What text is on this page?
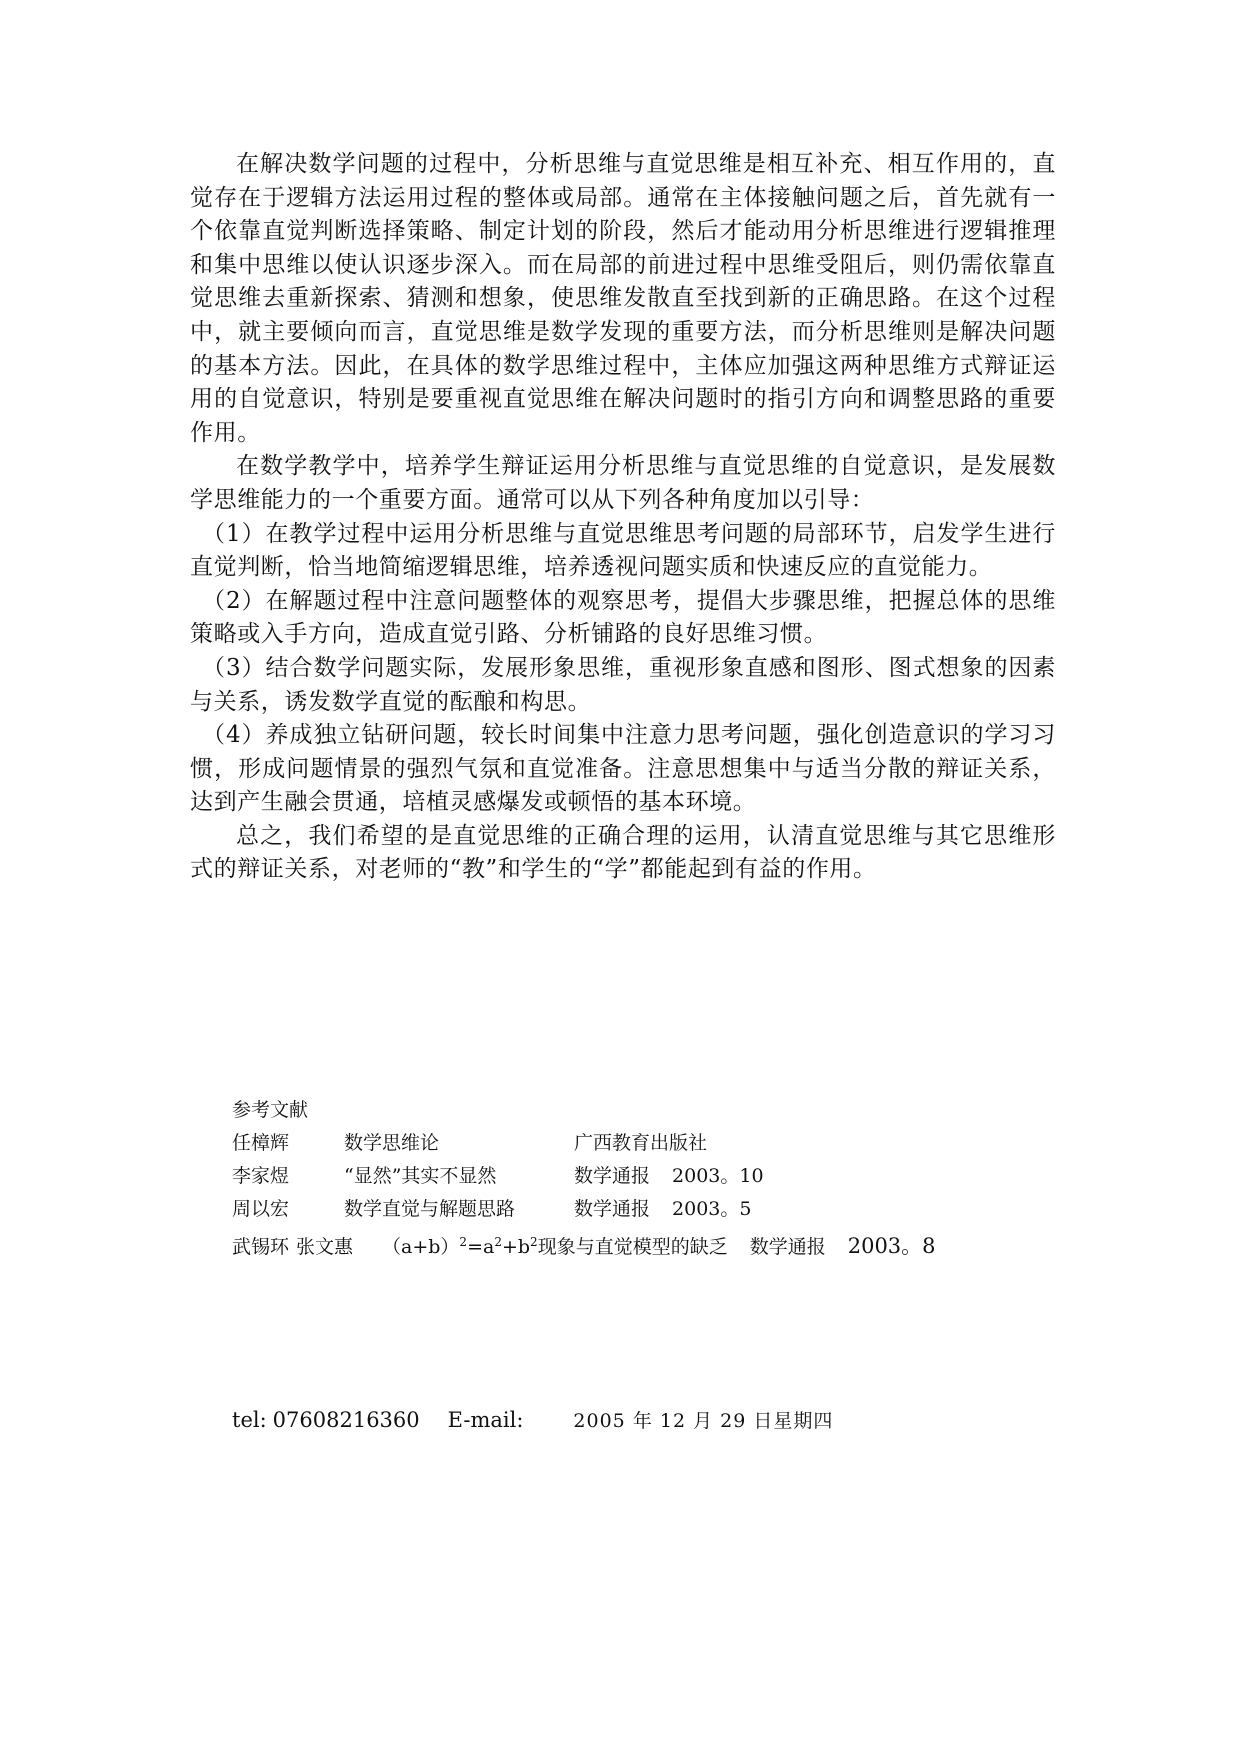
在解决数学问题的过程中，分析思维与直觉思维是相互补充、相互作用的，直觉存在于逻辑方法运用过程的整体或局部。通常在主体接触问题之后，首先就有一个依靠直觉判断选择策略、制定计划的阶段，然后才能动用分析思维进行逻辑推理和集中思维以使认识逐步深入。而在局部的前进过程中思维受阻后，则仍需依靠直觉思维去重新探索、猜测和想象，使思维发散直至找到新的正确思路。在这个过程中，就主要倾向而言，直觉思维是数学发现的重要方法，而分析思维则是解决问题的基本方法。因此，在具体的数学思维过程中，主体应加强这两种思维方式辩证运用的自觉意识，特别是要重视直觉思维在解决问题时的指引方向和调整思路的重要作用。

在数学教学中，培养学生辩证运用分析思维与直觉思维的自觉意识，是发展数学思维能力的一个重要方面。通常可以从下列各种角度加以引导：

（1）在教学过程中运用分析思维与直觉思维思考问题的局部环节，启发学生进行直觉判断，恰当地简缩逻辑思维，培养透视问题实质和快速反应的直觉能力。

（2）在解题过程中注意问题整体的观察思考，提倡大步骤思维，把握总体的思维策略或入手方向，造成直觉引路、分析铺路的良好思维习惯。

（3）结合数学问题实际，发展形象思维，重视形象直感和图形、图式想象的因素与关系，诱发数学直觉的酝酿和构思。

（4）养成独立钻研问题，较长时间集中注意力思考问题，强化创造意识的学习习惯，形成问题情景的强烈气氛和直觉准备。注意思想集中与适当分散的辩证关系，达到产生融会贯通，培植灵感爆发或顿悟的基本环境。

总之，我们希望的是直觉思维的正确合理的运用，认清直觉思维与其它思维形式的辩证关系，对老师的“教”和学生的“学”都能起到有益的作用。

参考文献

任樟辉	数学思维论	广西教育出版社
李家煜	“显然”其实不显然	数学通报 2003。10
周以宏	数学直觉与解题思路	数学通报 2003。5
武锡环 张文惠	$(a+b)^2=a^2+b^2$现象与直觉模型的缺乏 数学通报 2003。8
tel: 07608216360 E-mail:	2005 年 12 月 29 日星期四
